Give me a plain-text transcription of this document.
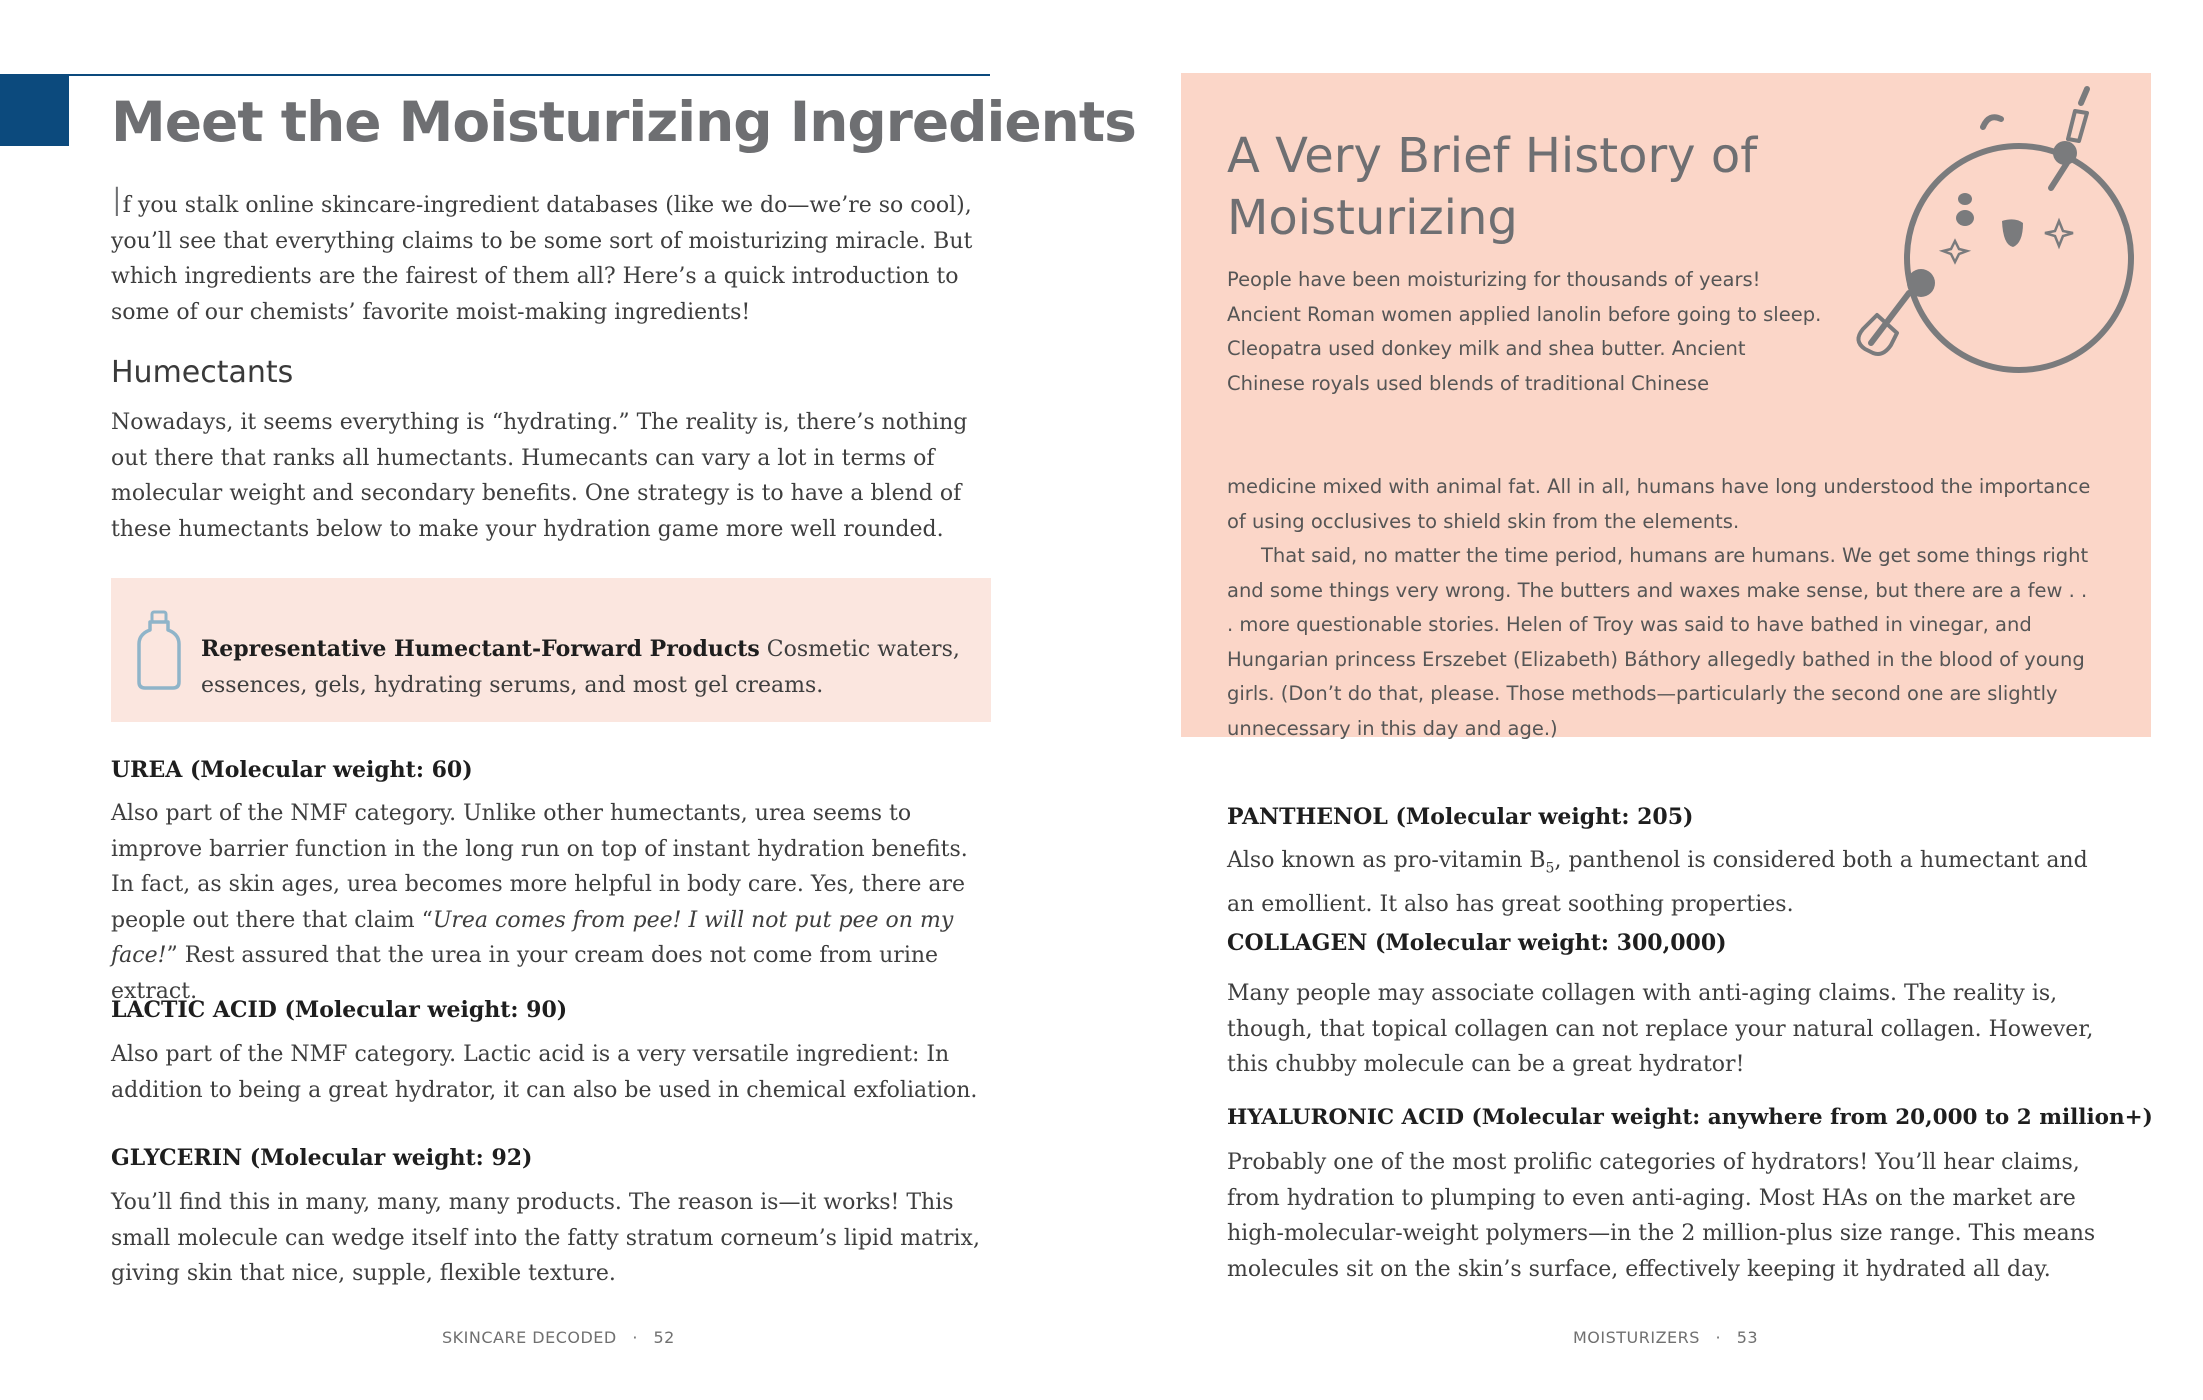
Meet the Moisturizing Ingredients

If you stalk online skincare-ingredient databases (like we do—we’re so cool), you’ll see that everything claims to be some sort of moisturizing miracle. But which ingredients are the fairest of them all? Here’s a quick introduction to some of our chemists’ favorite moist-making ingredients!

Humectants

Nowadays, it seems everything is “hydrating.” The reality is, there’s nothing out there that ranks all humectants. Humecants can vary a lot in terms of molecular weight and secondary benefits. One strategy is to have a blend of these humectants below to make your hydration game more well rounded.

Representative Humectant-Forward Products Cosmetic waters, essences, gels, hydrating serums, and most gel creams.

UREA (Molecular weight: 60)

Also part of the NMF category. Unlike other humectants, urea seems to improve barrier function in the long run on top of instant hydration benefits. In fact, as skin ages, urea becomes more helpful in body care. Yes, there are people out there that claim “Urea comes from pee! I will not put pee on my face!” Rest assured that the urea in your cream does not come from urine extract.

LACTIC ACID (Molecular weight: 90)

Also part of the NMF category. Lactic acid is a very versatile ingredient: In addition to being a great hydrator, it can also be used in chemical exfoliation.

GLYCERIN (Molecular weight: 92)

You’ll find this in many, many, many products. The reason is—it works! This small molecule can wedge itself into the fatty stratum corneum’s lipid matrix, giving skin that nice, supple, flexible texture.

SKINCARE DECODED · 52
A Very Brief History of Moisturizing

People have been moisturizing for thousands of years! Ancient Roman women applied lanolin before going to sleep. Cleopatra used donkey milk and shea butter. Ancient Chinese royals used blends of traditional Chinese

medicine mixed with animal fat. All in all, humans have long understood the importance of using occlusives to shield skin from the elements.

That said, no matter the time period, humans are humans. We get some things right and some things very wrong. The butters and waxes make sense, but there are a few . . . more questionable stories. Helen of Troy was said to have bathed in vinegar, and Hungarian princess Erszebet (Elizabeth) Báthory allegedly bathed in the blood of young girls. (Don’t do that, please. Those methods—particularly the second one are slightly unnecessary in this day and age.)

PANTHENOL (Molecular weight: 205)

Also known as pro-vitamin $B_5$, panthenol is considered both a humectant and an emollient. It also has great soothing properties.

COLLAGEN (Molecular weight: 300,000)

Many people may associate collagen with anti-aging claims. The reality is, though, that topical collagen can not replace your natural collagen. However, this chubby molecule can be a great hydrator!

HYALURONIC ACID (Molecular weight: anywhere from 20,000 to 2 million+)

Probably one of the most prolific categories of hydrators! You’ll hear claims, from hydration to plumping to even anti-aging. Most HAs on the market are high-molecular-weight polymers—in the 2 million-plus size range. This means molecules sit on the skin’s surface, effectively keeping it hydrated all day.

MOISTURIZERS · 53
